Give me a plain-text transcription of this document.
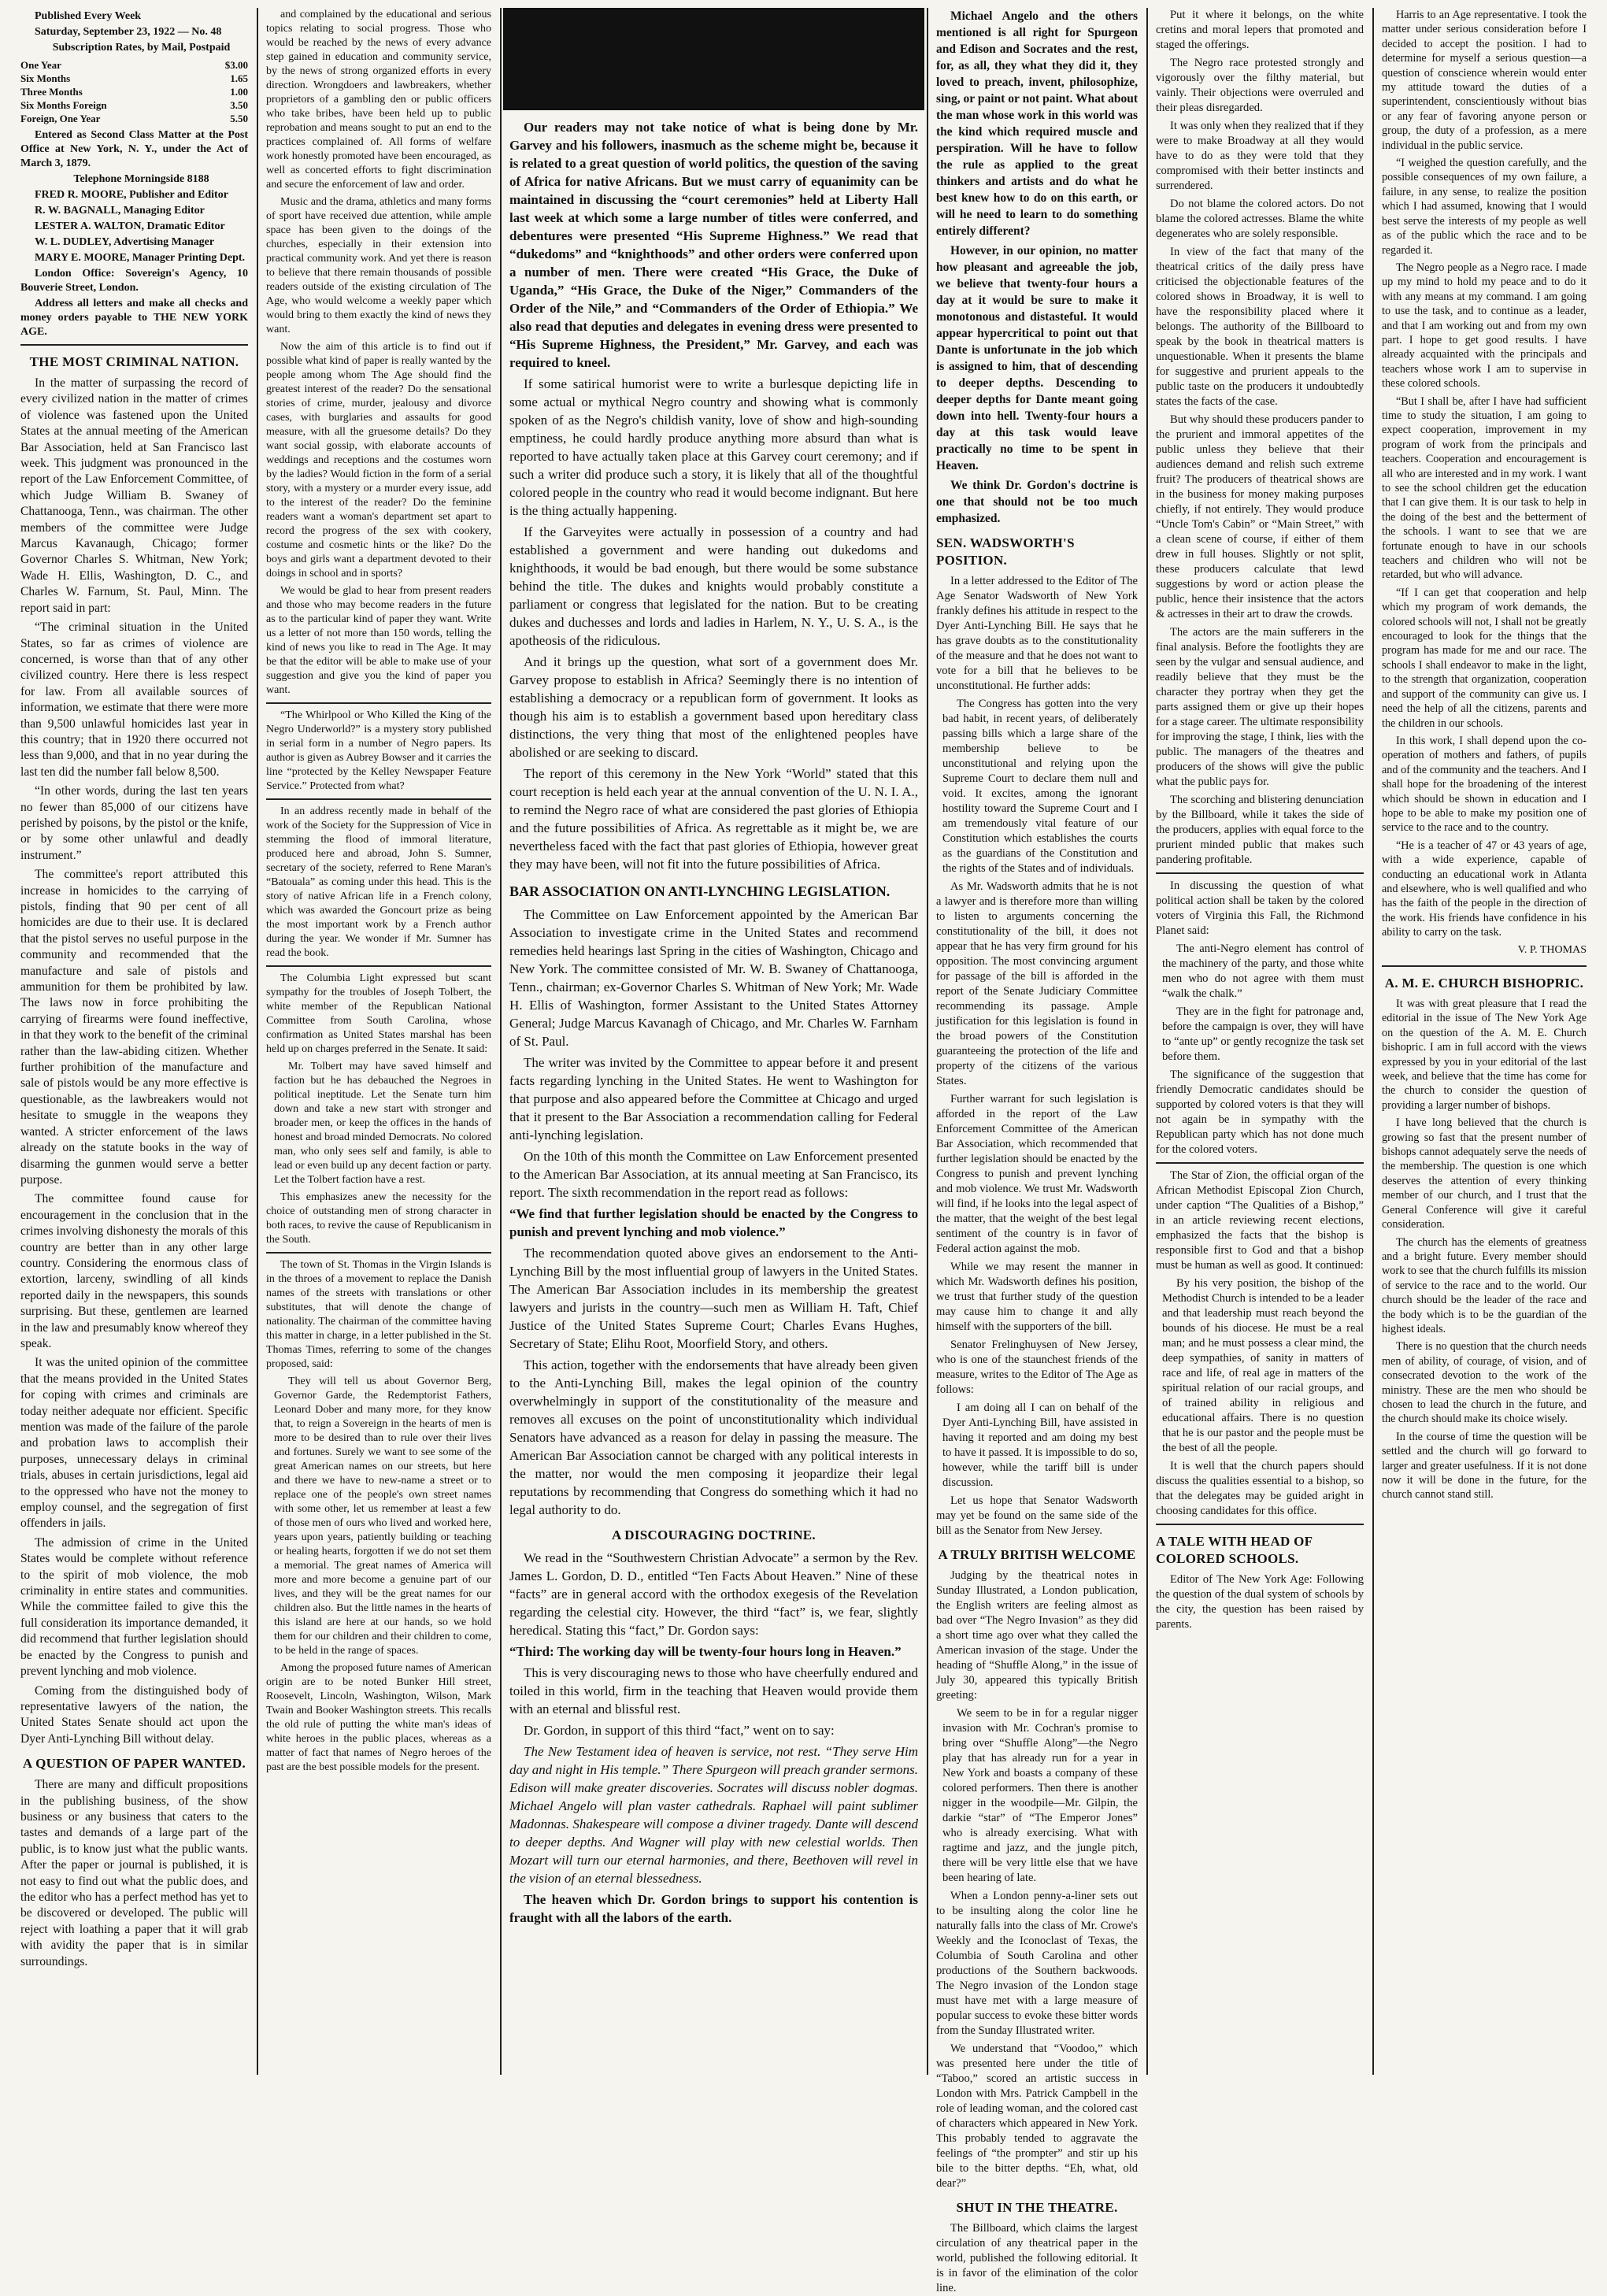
Published Every Week

Saturday, September 23, 1922 — No. 48

Subscription Rates, by Mail, Postpaid

One Year	$3.00
Six Months	1.65
Three Months	1.00
Six Months Foreign	3.50
Foreign, One Year	5.50

Entered as Second Class Matter at the Post Office at New York, N. Y., under the Act of March 3, 1879.

Telephone Morningside 8188

FRED R. MOORE, Publisher and Editor

R. W. BAGNALL, Managing Editor

LESTER A. WALTON, Dramatic Editor

W. L. DUDLEY, Advertising Manager

MARY E. MOORE, Manager Printing Dept.

London Office: Sovereign's Agency, 10 Bouverie Street, London.

Address all letters and make all checks and money orders payable to THE NEW YORK AGE.

THE MOST CRIMINAL NATION.

In the matter of surpassing the record of every civilized nation in the matter of crimes of violence was fastened upon the United States at the annual meeting of the American Bar Association, held at San Francisco last week. This judgment was pronounced in the report of the Law Enforcement Committee, of which Judge William B. Swaney of Chattanooga, Tenn., was chairman. The other members of the committee were Judge Marcus Kavanaugh, Chicago; former Governor Charles S. Whitman, New York; Wade H. Ellis, Washington, D. C., and Charles W. Farnum, St. Paul, Minn. The report said in part:

“The criminal situation in the United States, so far as crimes of violence are concerned, is worse than that of any other civilized country. Here there is less respect for law. From all available sources of information, we estimate that there were more than 9,500 unlawful homicides last year in this country; that in 1920 there occurred not less than 9,000, and that in no year during the last ten did the number fall below 8,500.

“In other words, during the last ten years no fewer than 85,000 of our citizens have perished by poisons, by the pistol or the knife, or by some other unlawful and deadly instrument.”

The committee's report attributed this increase in homicides to the carrying of pistols, finding that 90 per cent of all homicides are due to their use. It is declared that the pistol serves no useful purpose in the community and recommended that the manufacture and sale of pistols and ammunition for them be prohibited by law. The laws now in force prohibiting the carrying of firearms were found ineffective, in that they work to the benefit of the criminal rather than the law-abiding citizen. Whether further prohibition of the manufacture and sale of pistols would be any more effective is questionable, as the lawbreakers would not hesitate to smuggle in the weapons they wanted. A stricter enforcement of the laws already on the statute books in the way of disarming the gunmen would serve a better purpose.

The committee found cause for encouragement in the conclusion that in the crimes involving dishonesty the morals of this country are better than in any other large country. Considering the enormous class of extortion, larceny, swindling of all kinds reported daily in the newspapers, this sounds surprising. But these, gentlemen are learned in the law and presumably know whereof they speak.

It was the united opinion of the committee that the means provided in the United States for coping with crimes and criminals are today neither adequate nor efficient. Specific mention was made of the failure of the parole and probation laws to accomplish their purposes, unnecessary delays in criminal trials, abuses in certain jurisdictions, legal aid to the oppressed who have not the money to employ counsel, and the segregation of first offenders in jails.

The admission of crime in the United States would be complete without reference to the spirit of mob violence, the mob criminality in entire states and communities. While the committee failed to give this the full consideration its importance demanded, it did recommend that further legislation should be enacted by the Congress to punish and prevent lynching and mob violence.

Coming from the distinguished body of representative lawyers of the nation, the United States Senate should act upon the Dyer Anti-Lynching Bill without delay.

A QUESTION OF PAPER WANTED.

There are many and difficult propositions in the publishing business, of the show business or any business that caters to the tastes and demands of a large part of the public, is to know just what the public wants. After the paper or journal is published, it is not easy to find out what the public does, and the editor who has a perfect method has yet to be discovered or developed. The public will reject with loathing a paper that it will grab with avidity the paper that is in similar surroundings.

and complained by the educational and serious topics relating to social progress. Those who would be reached by the news of every advance step gained in education and community service, by the news of strong organized efforts in every direction. Wrongdoers and lawbreakers, whether proprietors of a gambling den or public officers who take bribes, have been held up to public reprobation and means sought to put an end to the practices complained of. All forms of welfare work honestly promoted have been encouraged, as well as concerted efforts to fight discrimination and secure the enforcement of law and order.

Music and the drama, athletics and many forms of sport have received due attention, while ample space has been given to the doings of the churches, especially in their extension into practical community work. And yet there is reason to believe that there remain thousands of possible readers outside of the existing circulation of The Age, who would welcome a weekly paper which would bring to them exactly the kind of news they want.

Now the aim of this article is to find out if possible what kind of paper is really wanted by the people among whom The Age should find the greatest interest of the reader? Do the sensational stories of crime, murder, jealousy and divorce cases, with burglaries and assaults for good measure, with all the gruesome details? Do they want social gossip, with elaborate accounts of weddings and receptions and the costumes worn by the ladies? Would fiction in the form of a serial story, with a mystery or a murder every issue, add to the interest of the reader? Do the feminine readers want a woman's department set apart to record the progress of the sex with cookery, costume and cosmetic hints or the like? Do the boys and girls want a department devoted to their doings in school and in sports?

We would be glad to hear from present readers and those who may become readers in the future as to the particular kind of paper they want. Write us a letter of not more than 150 words, telling the kind of news you like to read in The Age. It may be that the editor will be able to make use of your suggestion and give you the kind of paper you want.

“The Whirlpool or Who Killed the King of the Negro Underworld?” is a mystery story published in serial form in a number of Negro papers. Its author is given as Aubrey Bowser and it carries the line “protected by the Kelley Newspaper Feature Service.” Protected from what?

In an address recently made in behalf of the work of the Society for the Suppression of Vice in stemming the flood of immoral literature, produced here and abroad, John S. Sumner, secretary of the society, referred to Rene Maran's “Batouala” as coming under this head. This is the story of native African life in a French colony, which was awarded the Goncourt prize as being the most important work by a French author during the year. We wonder if Mr. Sumner has read the book.

The Columbia Light expressed but scant sympathy for the troubles of Joseph Tolbert, the white member of the Republican National Committee from South Carolina, whose confirmation as United States marshal has been held up on charges preferred in the Senate. It said:

Mr. Tolbert may have saved himself and faction but he has debauched the Negroes in political ineptitude. Let the Senate turn him down and take a new start with stronger and broader men, or keep the offices in the hands of honest and broad minded Democrats. No colored man, who only sees self and family, is able to lead or even build up any decent faction or party. Let the Tolbert faction have a rest.

This emphasizes anew the necessity for the choice of outstanding men of strong character in both races, to revive the cause of Republicanism in the South.

The town of St. Thomas in the Virgin Islands is in the throes of a movement to replace the Danish names of the streets with translations or other substitutes, that will denote the change of nationality. The chairman of the committee having this matter in charge, in a letter published in the St. Thomas Times, referring to some of the changes proposed, said:

They will tell us about Governor Berg, Governor Garde, the Redemptorist Fathers, Leonard Dober and many more, for they know that, to reign a Sovereign in the hearts of men is more to be desired than to rule over their lives and fortunes. Surely we want to see some of the great American names on our streets, but here and there we have to new-name a street or to replace one of the people's own street names with some other, let us remember at least a few of those men of ours who lived and worked here, years upon years, patiently building or teaching or healing hearts, forgotten if we do not set them a memorial. The great names of America will more and more become a genuine part of our lives, and they will be the great names for our children also. But the little names in the hearts of this island are here at our hands, so we hold them for our children and their children to come, to be held in the range of spaces.

Among the proposed future names of American origin are to be noted Bunker Hill street, Roosevelt, Lincoln, Washington, Wilson, Mark Twain and Booker Washington streets. This recalls the old rule of putting the white man's ideas of white heroes in the public places, whereas as a matter of fact that names of Negro heroes of the past are the best possible models for the present.

Our readers may not take notice of what is being done by Mr. Garvey and his followers, inasmuch as the scheme might be, because it is related to a great question of world politics, the question of the saving of Africa for native Africans. But we must carry of equanimity can be maintained in discussing the “court ceremonies” held at Liberty Hall last week at which some a large number of titles were conferred, and debentures were presented “His Supreme Highness.” We read that “dukedoms” and “knighthoods” and other orders were conferred upon a number of men. There were created “His Grace, the Duke of Uganda,” “His Grace, the Duke of the Niger,” Commanders of the Order of the Nile,” and “Commanders of the Order of Ethiopia.” We also read that deputies and delegates in evening dress were presented to “His Supreme Highness, the President,” Mr. Garvey, and each was required to kneel.

If some satirical humorist were to write a burlesque depicting life in some actual or mythical Negro country and showing what is commonly spoken of as the Negro's childish vanity, love of show and high-sounding emptiness, he could hardly produce anything more absurd than what is reported to have actually taken place at this Garvey court ceremony; and if such a writer did produce such a story, it is likely that all of the thoughtful colored people in the country who read it would become indignant. But here is the thing actually happening.

If the Garveyites were actually in possession of a country and had established a government and were handing out dukedoms and knighthoods, it would be bad enough, but there would be some substance behind the title. The dukes and knights would probably constitute a parliament or congress that legislated for the nation. But to be creating dukes and duchesses and lords and ladies in Harlem, N. Y., U. S. A., is the apotheosis of the ridiculous.

And it brings up the question, what sort of a government does Mr. Garvey propose to establish in Africa? Seemingly there is no intention of establishing a democracy or a republican form of government. It looks as though his aim is to establish a government based upon hereditary class distinctions, the very thing that most of the enlightened peoples have abolished or are seeking to discard.

The report of this ceremony in the New York “World” stated that this court reception is held each year at the annual convention of the U. N. I. A., to remind the Negro race of what are considered the past glories of Ethiopia and the future possibilities of Africa. As regrettable as it might be, we are nevertheless faced with the fact that past glories of Ethiopia, however great they may have been, will not fit into the future possibilities of Africa.

BAR ASSOCIATION ON ANTI-LYNCHING LEGISLATION.

The Committee on Law Enforcement appointed by the American Bar Association to investigate crime in the United States and recommend remedies held hearings last Spring in the cities of Washington, Chicago and New York. The committee consisted of Mr. W. B. Swaney of Chattanooga, Tenn., chairman; ex-Governor Charles S. Whitman of New York; Mr. Wade H. Ellis of Washington, former Assistant to the United States Attorney General; Judge Marcus Kavanagh of Chicago, and Mr. Charles W. Farnham of St. Paul.

The writer was invited by the Committee to appear before it and present facts regarding lynching in the United States. He went to Washington for that purpose and also appeared before the Committee at Chicago and urged that it present to the Bar Association a recommendation calling for Federal anti-lynching legislation.

On the 10th of this month the Committee on Law Enforcement presented to the American Bar Association, at its annual meeting at San Francisco, its report. The sixth recommendation in the report read as follows:

“We find that further legislation should be enacted by the Congress to punish and prevent lynching and mob violence.”

The recommendation quoted above gives an endorsement to the Anti-Lynching Bill by the most influential group of lawyers in the United States. The American Bar Association includes in its membership the greatest lawyers and jurists in the country—such men as William H. Taft, Chief Justice of the United States Supreme Court; Charles Evans Hughes, Secretary of State; Elihu Root, Moorfield Story, and others.

This action, together with the endorsements that have already been given to the Anti-Lynching Bill, makes the legal opinion of the country overwhelmingly in support of the constitutionality of the measure and removes all excuses on the point of unconstitutionality which individual Senators have advanced as a reason for delay in passing the measure. The American Bar Association cannot be charged with any political interests in the matter, nor would the men composing it jeopardize their legal reputations by recommending that Congress do something which it had no legal authority to do.

A DISCOURAGING DOCTRINE.

We read in the “Southwestern Christian Advocate” a sermon by the Rev. James L. Gordon, D. D., entitled “Ten Facts About Heaven.” Nine of these “facts” are in general accord with the orthodox exegesis of the Revelation regarding the celestial city. However, the third “fact” is, we fear, slightly heredical. Stating this “fact,” Dr. Gordon says:

“Third: The working day will be twenty-four hours long in Heaven.”

This is very discouraging news to those who have cheerfully endured and toiled in this world, firm in the teaching that Heaven would provide them with an eternal and blissful rest.

Dr. Gordon, in support of this third “fact,” went on to say:

The New Testament idea of heaven is service, not rest. “They serve Him day and night in His temple.” There Spurgeon will preach grander sermons. Edison will make greater discoveries. Socrates will discuss nobler dogmas. Michael Angelo will plan vaster cathedrals. Raphael will paint sublimer Madonnas. Shakespeare will compose a diviner tragedy. Dante will descend to deeper depths. And Wagner will play with new celestial worlds. Then Mozart will turn our eternal harmonies, and there, Beethoven will revel in the vision of an eternal blessedness.

The heaven which Dr. Gordon brings to support his contention is fraught with all the labors of the earth.

Michael Angelo and the others mentioned is all right for Spurgeon and Edison and Socrates and the rest, for, as all, they what they did it, they loved to preach, invent, philosophize, sing, or paint or not paint. What about the man whose work in this world was the kind which required muscle and perspiration. Will he have to follow the rule as applied to the great thinkers and artists and do what he best knew how to do on this earth, or will he need to learn to do something entirely different?

However, in our opinion, no matter how pleasant and agreeable the job, we believe that twenty-four hours a day at it would be sure to make it monotonous and distasteful. It would appear hypercritical to point out that Dante is unfortunate in the job which is assigned to him, that of descending to deeper depths. Descending to deeper depths for Dante meant going down into hell. Twenty-four hours a day at this task would leave practically no time to be spent in Heaven.

We think Dr. Gordon's doctrine is one that should not be too much emphasized.

SEN. WADSWORTH'S POSITION.

In a letter addressed to the Editor of The Age Senator Wadsworth of New York frankly defines his attitude in respect to the Dyer Anti-Lynching Bill. He says that he has grave doubts as to the constitutionality of the measure and that he does not want to vote for a bill that he believes to be unconstitutional. He further adds:

The Congress has gotten into the very bad habit, in recent years, of deliberately passing bills which a large share of the membership believe to be unconstitutional and relying upon the Supreme Court to declare them null and void. It excites, among the ignorant hostility toward the Supreme Court and I am tremendously vital feature of our Constitution which establishes the courts as the guardians of the Constitution and the rights of the States and of individuals.

As Mr. Wadsworth admits that he is not a lawyer and is therefore more than willing to listen to arguments concerning the constitutionality of the bill, it does not appear that he has very firm ground for his opposition. The most convincing argument for passage of the bill is afforded in the report of the Senate Judiciary Committee recommending its passage. Ample justification for this legislation is found in the broad powers of the Constitution guaranteeing the protection of the life and property of the citizens of the various States.

Further warrant for such legislation is afforded in the report of the Law Enforcement Committee of the American Bar Association, which recommended that further legislation should be enacted by the Congress to punish and prevent lynching and mob violence. We trust Mr. Wadsworth will find, if he looks into the legal aspect of the matter, that the weight of the best legal sentiment of the country is in favor of Federal action against the mob.

While we may resent the manner in which Mr. Wadsworth defines his position, we trust that further study of the question may cause him to change it and ally himself with the supporters of the bill.

Senator Frelinghuysen of New Jersey, who is one of the staunchest friends of the measure, writes to the Editor of The Age as follows:

I am doing all I can on behalf of the Dyer Anti-Lynching Bill, have assisted in having it reported and am doing my best to have it passed. It is impossible to do so, however, while the tariff bill is under discussion.

Let us hope that Senator Wadsworth may yet be found on the same side of the bill as the Senator from New Jersey.

A TRULY BRITISH WELCOME

Judging by the theatrical notes in Sunday Illustrated, a London publication, the English writers are feeling almost as bad over “The Negro Invasion” as they did a short time ago over what they called the American invasion of the stage. Under the heading of “Shuffle Along,” in the issue of July 30, appeared this typically British greeting:

We seem to be in for a regular nigger invasion with Mr. Cochran's promise to bring over “Shuffle Along”—the Negro play that has already run for a year in New York and boasts a company of these colored performers. Then there is another nigger in the woodpile—Mr. Gilpin, the darkie “star” of “The Emperor Jones” who is already exercising. What with ragtime and jazz, and the jungle pitch, there will be very little else that we have been hearing of late.

When a London penny-a-liner sets out to be insulting along the color line he naturally falls into the class of Mr. Crowe's Weekly and the Iconoclast of Texas, the Columbia of South Carolina and other productions of the Southern backwoods. The Negro invasion of the London stage must have met with a large measure of popular success to evoke these bitter words from the Sunday Illustrated writer.

We understand that “Voodoo,” which was presented here under the title of “Taboo,” scored an artistic success in London with Mrs. Patrick Campbell in the role of leading woman, and the colored cast of characters which appeared in New York. This probably tended to aggravate the feelings of “the prompter” and stir up his bile to the bitter depths. “Eh, what, old dear?”

SHUT IN THE THEATRE.

The Billboard, which claims the largest circulation of any theatrical paper in the world, published the following editorial. It is in favor of the elimination of the color line.

Put it where it belongs, on the white cretins and moral lepers that promoted and staged the offerings.

The Negro race protested strongly and vigorously over the filthy material, but vainly. Their objections were overruled and their pleas disregarded.

It was only when they realized that if they were to make Broadway at all they would have to do as they were told that they compromised with their better instincts and surrendered.

Do not blame the colored actors. Do not blame the colored actresses. Blame the white degenerates who are solely responsible.

In view of the fact that many of the theatrical critics of the daily press have criticised the objectionable features of the colored shows in Broadway, it is well to have the responsibility placed where it belongs. The authority of the Billboard to speak by the book in theatrical matters is unquestionable. When it presents the blame for suggestive and prurient appeals to the public taste on the producers it undoubtedly states the facts of the case.

But why should these producers pander to the prurient and immoral appetites of the public unless they believe that their audiences demand and relish such extreme fruit? The producers of theatrical shows are in the business for money making purposes chiefly, if not entirely. They would produce “Uncle Tom's Cabin” or “Main Street,” with a clean scene of course, if either of them drew in full houses. Slightly or not split, these producers calculate that lewd suggestions by word or action please the public, hence their insistence that the actors & actresses in their art to draw the crowds.

The actors are the main sufferers in the final analysis. Before the footlights they are seen by the vulgar and sensual audience, and readily believe that they must be the character they portray when they get the parts assigned them or give up their hopes for a stage career. The ultimate responsibility for improving the stage, I think, lies with the public. The managers of the theatres and producers of the shows will give the public what the public pays for.

The scorching and blistering denunciation by the Billboard, while it takes the side of the producers, applies with equal force to the prurient minded public that makes such pandering profitable.

In discussing the question of what political action shall be taken by the colored voters of Virginia this Fall, the Richmond Planet said:

The anti-Negro element has control of the machinery of the party, and those white men who do not agree with them must “walk the chalk.”

They are in the fight for patronage and, before the campaign is over, they will have to “ante up” or gently recognize the task set before them.

The significance of the suggestion that friendly Democratic candidates should be supported by colored voters is that they will not again be in sympathy with the Republican party which has not done much for the colored voters.

The Star of Zion, the official organ of the African Methodist Episcopal Zion Church, under caption “The Qualities of a Bishop,” in an article reviewing recent elections, emphasized the facts that the bishop is responsible first to God and that a bishop must be human as well as good. It continued:

By his very position, the bishop of the Methodist Church is intended to be a leader and that leadership must reach beyond the bounds of his diocese. He must be a real man; and he must possess a clear mind, the deep sympathies, of sanity in matters of race and life, of real age in matters of the spiritual relation of our racial groups, and of trained ability in religious and educational affairs. There is no question that he is our pastor and the people must be the best of all the people.

It is well that the church papers should discuss the qualities essential to a bishop, so that the delegates may be guided aright in choosing candidates for this office.

A TALE WITH HEAD OF COLORED SCHOOLS.

Editor of The New York Age: Following the question of the dual system of schools by the city, the question has been raised by parents.

Harris to an Age representative. I took the matter under serious consideration before I decided to accept the position. I had to determine for myself a serious question—a question of conscience wherein would enter my attitude toward the duties of a superintendent, conscientiously without bias or any fear of favoring anyone person or group, the duty of a profession, as a mere individual in the public service.

“I weighed the question carefully, and the possible consequences of my own failure, a failure, in any sense, to realize the position which I had assumed, knowing that I would best serve the interests of my people as well as of the public which the race and to be regarded it.

The Negro people as a Negro race. I made up my mind to hold my peace and to do it with any means at my command. I am going to use the task, and to continue as a leader, and that I am working out and from my own part. I hope to get good results. I have already acquainted with the principals and teachers whose work I am to supervise in these colored schools.

“But I shall be, after I have had sufficient time to study the situation, I am going to expect cooperation, improvement in my program of work from the principals and teachers. Cooperation and encouragement is all who are interested and in my work. I want to see the school children get the education that I can give them. It is our task to help in the doing of the best and the betterment of the schools. I want to see that we are fortunate enough to have in our schools teachers and children who will not be retarded, but who will advance.

“If I can get that cooperation and help which my program of work demands, the colored schools will not, I shall not be greatly encouraged to look for the things that the program has made for me and our race. The schools I shall endeavor to make in the light, to the strength that organization, cooperation and support of the community can give us. I need the help of all the citizens, parents and the children in our schools.

In this work, I shall depend upon the co-operation of mothers and fathers, of pupils and of the community and the teachers. And I shall hope for the broadening of the interest which should be shown in education and I hope to be able to make my position one of service to the race and to the country.

“He is a teacher of 47 or 43 years of age, with a wide experience, capable of conducting an educational work in Atlanta and elsewhere, who is well qualified and who has the faith of the people in the direction of the work. His friends have confidence in his ability to carry on the task.

V. P. THOMAS
A. M. E. CHURCH BISHOPRIC.

It was with great pleasure that I read the editorial in the issue of The New York Age on the question of the A. M. E. Church bishopric. I am in full accord with the views expressed by you in your editorial of the last week, and believe that the time has come for the church to consider the question of providing a larger number of bishops.

I have long believed that the church is growing so fast that the present number of bishops cannot adequately serve the needs of the membership. The question is one which deserves the attention of every thinking member of our church, and I trust that the General Conference will give it careful consideration.

The church has the elements of greatness and a bright future. Every member should work to see that the church fulfills its mission of service to the race and to the world. Our church should be the leader of the race and the body which is to be the guardian of the highest ideals.

There is no question that the church needs men of ability, of courage, of vision, and of consecrated devotion to the work of the ministry. These are the men who should be chosen to lead the church in the future, and the church should make its choice wisely.

In the course of time the question will be settled and the church will go forward to larger and greater usefulness. If it is not done now it will be done in the future, for the church cannot stand still.
